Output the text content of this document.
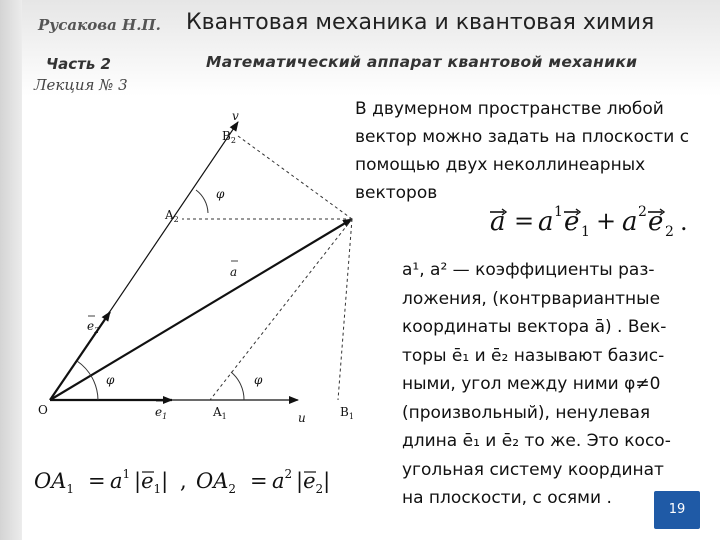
Русакова Н.П. Квантовая механика и квантовая химия
Часть 2
Лекция № 3
Математический аппарат квантовой механики
v
u
O	$A_1$	$B_1$
$A_2$
$B_2$
a
$e_1$
$e_2$
φ	φ
φ
В двумерном пространстве любой вектор можно задать на плоскости с помощью двух неколлинеарных векторов
a = a 1 e 1 + a 2 e 2 .
a¹, a² — коэффициенты раз-
ложения, (контрвариантные
координаты вектора ā) . Век-
торы ē₁ и ē₂ называют базис-
ными, угол между ними φ≠0
(произвольный), ненулевая
длина ē₁ и ē₂ то же. Это косо-
угольная системy координат
на плоскости, с осями .
$OA_1 = a^1$ $|e_1|$ , $OA_2 = a^2$ $|e_2|$
19
